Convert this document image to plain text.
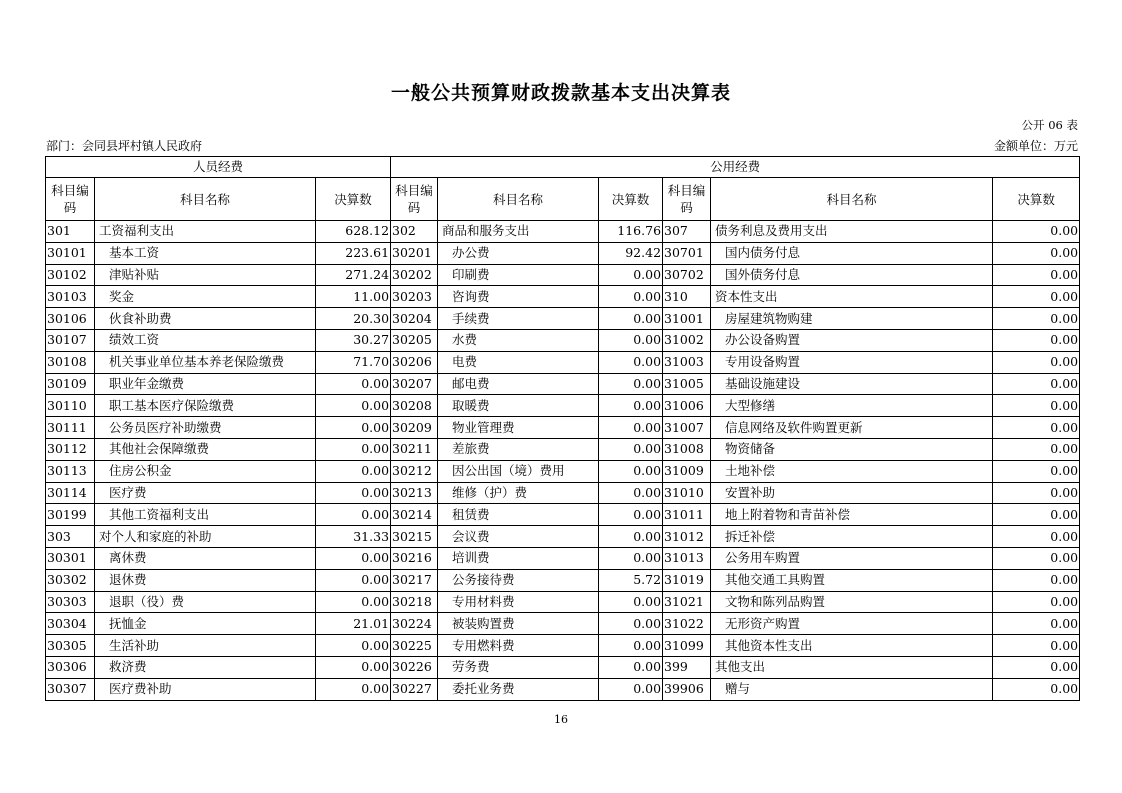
一般公共预算财政拨款基本支出决算表
公开 06 表
部门：会同县坪村镇人民政府	金额单位：万元
人员经费			公用经费					
科目编码	科目名称	决算数	科目编码	科目名称	决算数	科目编码	科目名称	决算数
301	工资福利支出	628.12	302	商品和服务支出	116.76	307	债务利息及费用支出	0.00
30101	基本工资	223.61	30201	办公费	92.42	30701	国内债务付息	0.00
30102	津贴补贴	271.24	30202	印刷费	0.00	30702	国外债务付息	0.00
30103	奖金	11.00	30203	咨询费	0.00	310	资本性支出	0.00
30106	伙食补助费	20.30	30204	手续费	0.00	31001	房屋建筑物购建	0.00
30107	绩效工资	30.27	30205	水费	0.00	31002	办公设备购置	0.00
30108	机关事业单位基本养老保险缴费	71.70	30206	电费	0.00	31003	专用设备购置	0.00
30109	职业年金缴费	0.00	30207	邮电费	0.00	31005	基础设施建设	0.00
30110	职工基本医疗保险缴费	0.00	30208	取暖费	0.00	31006	大型修缮	0.00
30111	公务员医疗补助缴费	0.00	30209	物业管理费	0.00	31007	信息网络及软件购置更新	0.00
30112	其他社会保障缴费	0.00	30211	差旅费	0.00	31008	物资储备	0.00
30113	住房公积金	0.00	30212	因公出国（境）费用	0.00	31009	土地补偿	0.00
30114	医疗费	0.00	30213	维修（护）费	0.00	31010	安置补助	0.00
30199	其他工资福利支出	0.00	30214	租赁费	0.00	31011	地上附着物和青苗补偿	0.00
303	对个人和家庭的补助	31.33	30215	会议费	0.00	31012	拆迁补偿	0.00
30301	离休费	0.00	30216	培训费	0.00	31013	公务用车购置	0.00
30302	退休费	0.00	30217	公务接待费	5.72	31019	其他交通工具购置	0.00
30303	退职（役）费	0.00	30218	专用材料费	0.00	31021	文物和陈列品购置	0.00
30304	抚恤金	21.01	30224	被装购置费	0.00	31022	无形资产购置	0.00
30305	生活补助	0.00	30225	专用燃料费	0.00	31099	其他资本性支出	0.00
30306	救济费	0.00	30226	劳务费	0.00	399	其他支出	0.00
30307	医疗费补助	0.00	30227	委托业务费	0.00	39906	赠与	0.00
16
